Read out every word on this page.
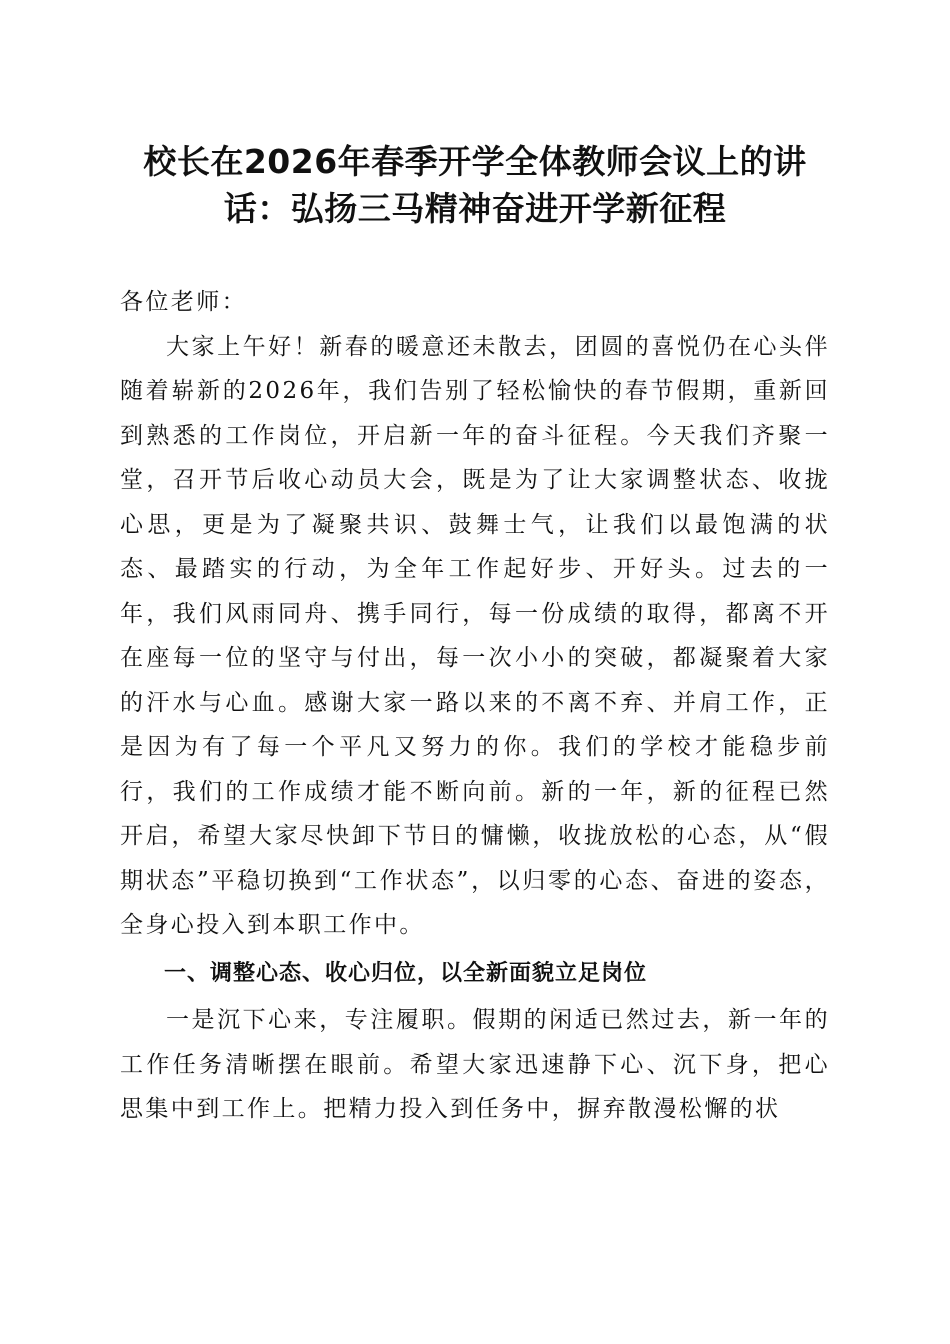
校长在2026年春季开学全体教师会议上的讲话：弘扬三马精神奋进开学新征程

各位老师：

大家上午好！新春的暖意还未散去，团圆的喜悦仍在心头伴随着崭新的2026年，我们告别了轻松愉快的春节假期，重新回到熟悉的工作岗位，开启新一年的奋斗征程。今天我们齐聚一堂，召开节后收心动员大会，既是为了让大家调整状态、收拢心思，更是为了凝聚共识、鼓舞士气，让我们以最饱满的状态、最踏实的行动，为全年工作起好步、开好头。过去的一年，我们风雨同舟、携手同行，每一份成绩的取得，都离不开在座每一位的坚守与付出，每一次小小的突破，都凝聚着大家的汗水与心血。感谢大家一路以来的不离不弃、并肩工作，正是因为有了每一个平凡又努力的你。我们的学校才能稳步前行，我们的工作成绩才能不断向前。新的一年，新的征程已然开启，希望大家尽快卸下节日的慵懒，收拢放松的心态，从“假期状态”平稳切换到“工作状态”，以归零的心态、奋进的姿态，全身心投入到本职工作中。

一、调整心态、收心归位，以全新面貌立足岗位

一是沉下心来，专注履职。假期的闲适已然过去，新一年的工作任务清晰摆在眼前。希望大家迅速静下心、沉下身，把心思集中到工作上。把精力投入到任务中，摒弃散漫松懈的状
